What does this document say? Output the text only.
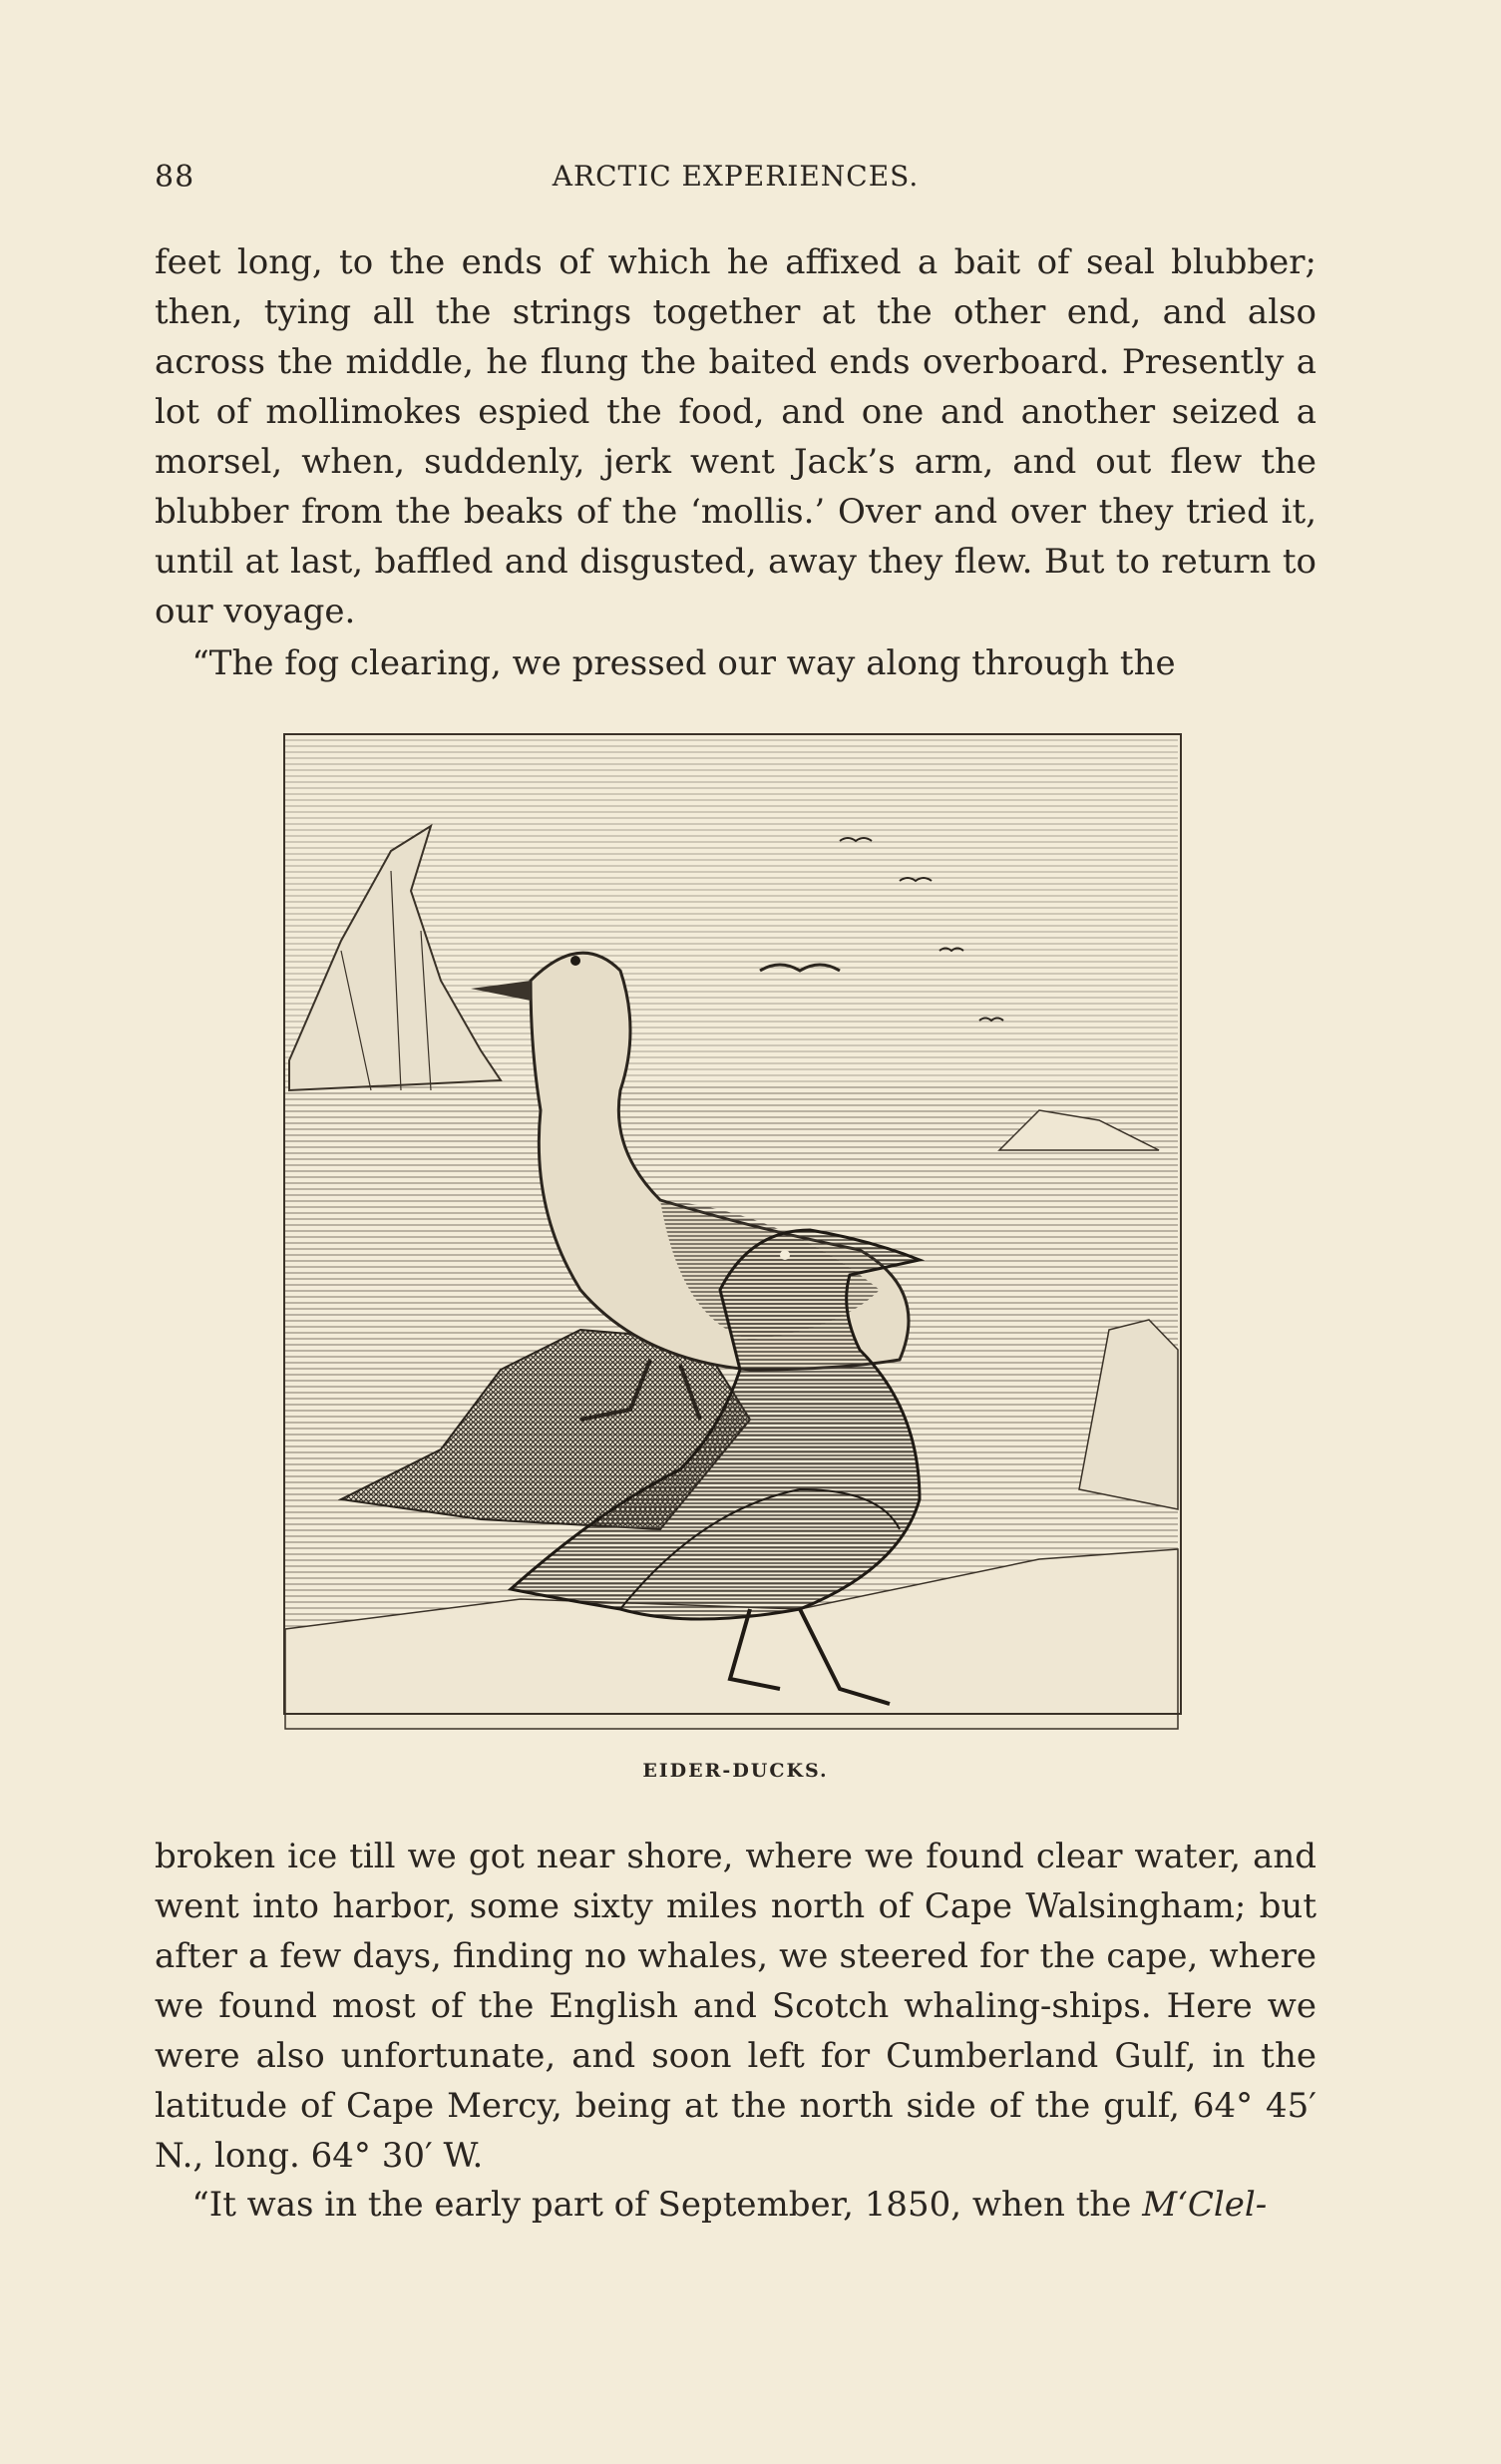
88	ARCTIC EXPERIENCES.

feet long, to the ends of which he affixed a bait of seal blubber; then, tying all the strings together at the other end, and also across the middle, he flung the baited ends overboard. Presently a lot of mollimokes espied the food, and one and another seized a morsel, when, suddenly, jerk went Jack’s arm, and out flew the blubber from the beaks of the ‘mollis.’ Over and over they tried it, until at last, baffled and disgusted, away they flew. But to return to our voyage.

“The fog clearing, we pressed our way along through the

EIDER-DUCKS.

broken ice till we got near shore, where we found clear water, and went into harbor, some sixty miles north of Cape Walsingham; but after a few days, finding no whales, we steered for the cape, where we found most of the English and Scotch whaling-ships. Here we were also unfortunate, and soon left for Cumberland Gulf, in the latitude of Cape Mercy, being at the north side of the gulf, 64° 45′ N., long. 64° 30′ W.

“It was in the early part of September, 1850, when the M‘Clel-
